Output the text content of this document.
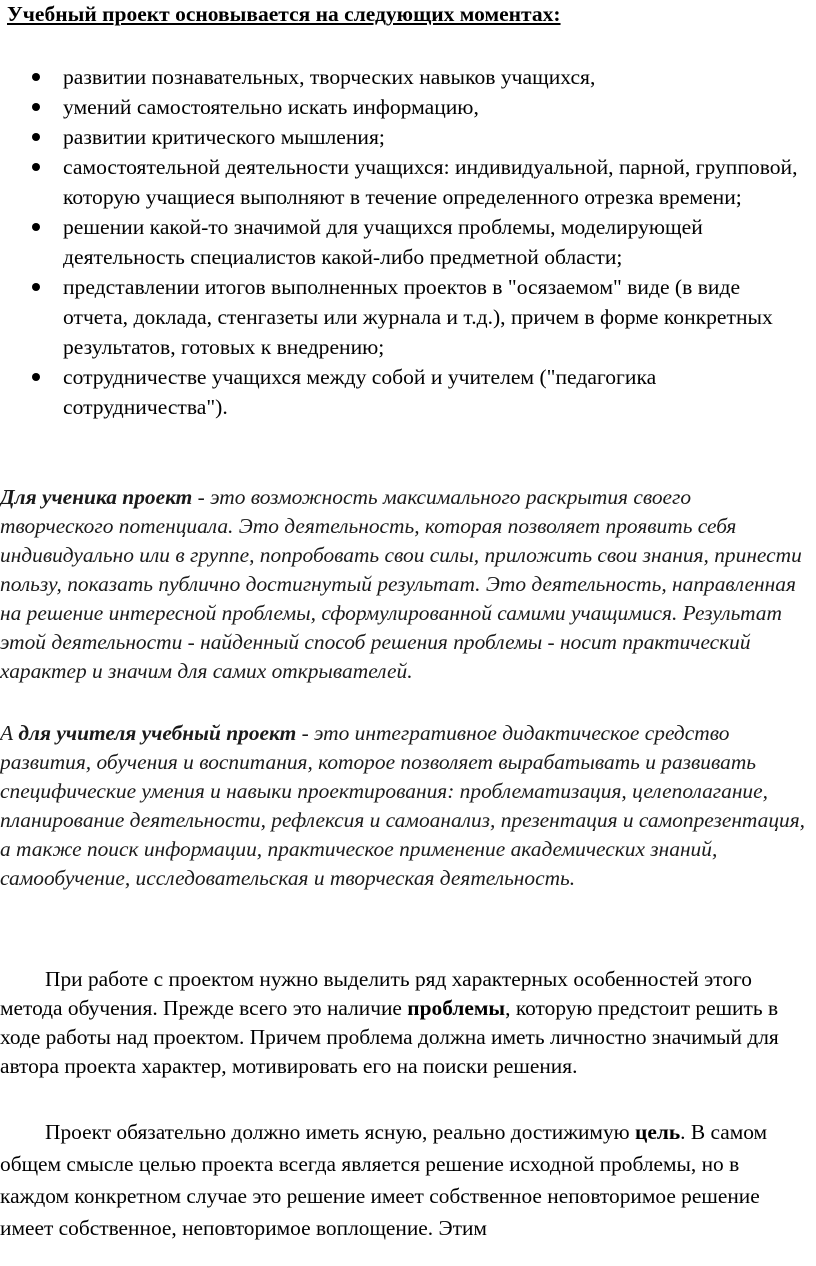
Учебный проект основывается на следующих моментах:
развитии познавательных, творческих навыков учащихся,
умений самостоятельно искать информацию,
развитии критического мышления;
самостоятельной деятельности учащихся: индивидуальной, парной, групповой, которую учащиеся выполняют в течение определенного отрезка времени;
решении какой-то значимой для учащихся проблемы, моделирующей деятельность специалистов какой-либо предметной области;
представлении итогов выполненных проектов в "осязаемом" виде (в виде отчета, доклада, стенгазеты или журнала и т.д.), причем в форме конкретных результатов, готовых к внедрению;
сотрудничестве учащихся между собой и учителем ("педагогика сотрудничества").

Для ученика проект - это возможность максимального раскрытия своего творческого потенциала. Это деятельность, которая позволяет проявить себя индивидуально или в группе, попробовать свои силы, приложить свои знания, принести пользу, показать публично достигнутый результат. Это деятельность, направленная на решение интересной проблемы, сформулированной самими учащимися. Результат этой деятельности - найденный способ решения проблемы - носит практический характер и значим для самих открывателей.

А для учителя учебный проект - это интегративное дидактическое средство развития, обучения и воспитания, которое позволяет вырабатывать и развивать специфические умения и навыки проектирования: проблематизация, целеполагание, планирование деятельности, рефлексия и самоанализ, презентация и самопрезентация, а также поиск информации, практическое применение академических знаний, самообучение, исследовательская и творческая деятельность.

При работе с проектом нужно выделить ряд характерных особенностей этого метода обучения. Прежде всего это наличие проблемы, которую предстоит решить в ходе работы над проектом. Причем проблема должна иметь личностно значимый для автора проекта характер, мотивировать его на поиски решения.

Проект обязательно должно иметь ясную, реально достижимую цель. В самом общем смысле целью проекта всегда является решение исходной проблемы, но в каждом конкретном случае это решение имеет собственное неповторимое решение имеет собственное, неповторимое воплощение. Этим
